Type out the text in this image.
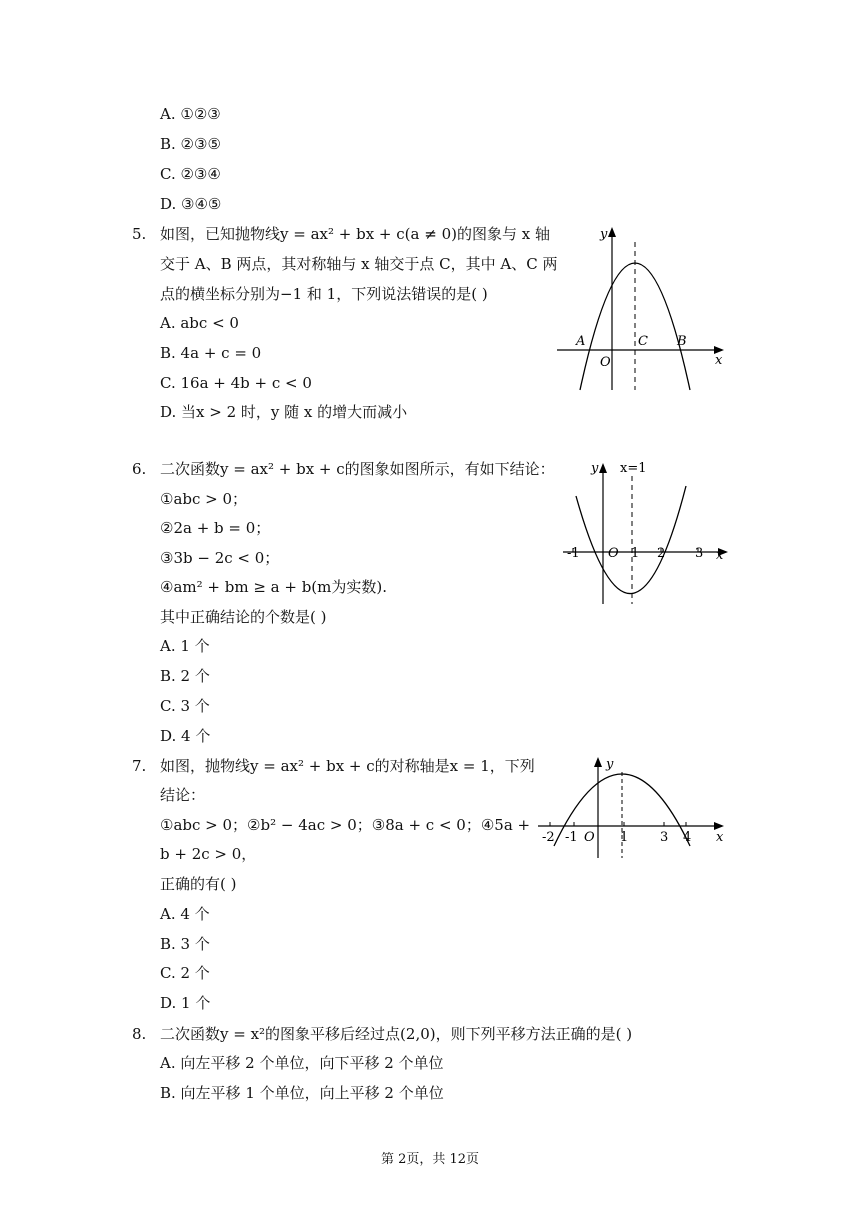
A. ①②③
B. ②③⑤
C. ②③④
D. ③④⑤
5. 如图，已知抛物线y = ax² + bx + c(a ≠ 0)的图象与 x 轴
交于 A、B 两点，其对称轴与 x 轴交于点 C，其中 A、C 两
点的横坐标分别为−1 和 1，下列说法错误的是( )
A. abc < 0
B. 4a + c = 0
C. 16a + 4b + c < 0
D. 当x > 2 时，y 随 x 的增大而减小
y
x
A
O
C B
6. 二次函数y = ax² + bx + c的图象如图所示，有如下结论：
①abc > 0；
②2a + b = 0；
③3b − 2c < 0；
④am² + bm ≥ a + b(m为实数).
其中正确结论的个数是( )
A. 1 个
B. 2 个
C. 3 个
D. 4 个
y x=1
-1 O 1 2 3 x
7. 如图，抛物线y = ax² + bx + c的对称轴是x = 1，下列
结论：
①abc > 0；②b² − 4ac > 0；③8a + c < 0；④5a +
b + 2c > 0，
正确的有( )
A. 4 个
B. 3 个
C. 2 个
D. 1 个
y
-2 -1 O 1 3 4 x
8. 二次函数y = x²的图象平移后经过点(2,0)，则下列平移方法正确的是( )
A. 向左平移 2 个单位，向下平移 2 个单位
B. 向左平移 1 个单位，向上平移 2 个单位
第 2页，共 12页
